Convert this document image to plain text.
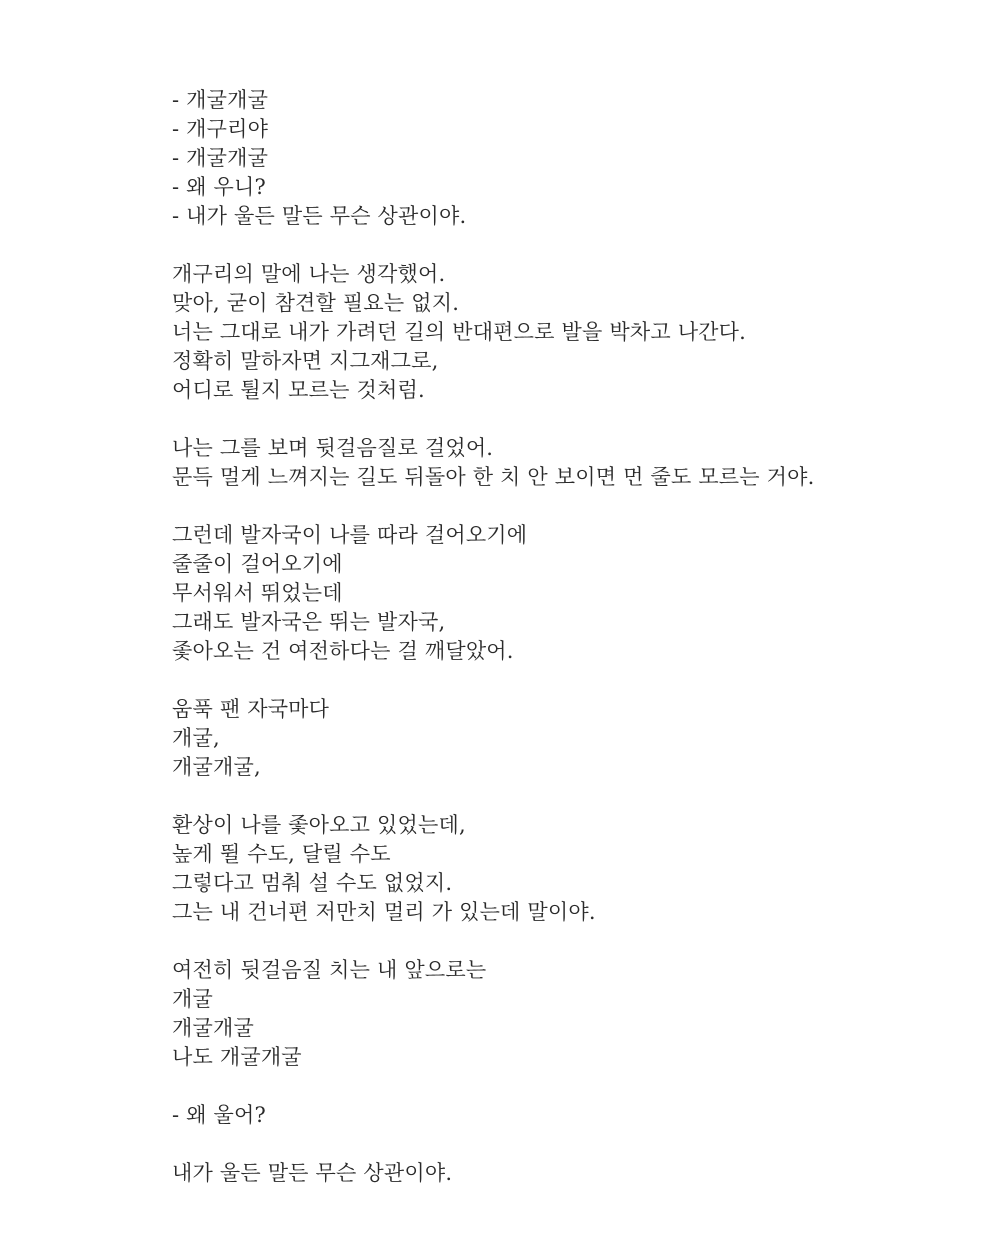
- 개굴개굴
- 개구리야
- 개굴개굴
- 왜 우니?
- 내가 울든 말든 무슨 상관이야.
개구리의 말에 나는 생각했어.
맞아, 굳이 참견할 필요는 없지.
너는 그대로 내가 가려던 길의 반대편으로 발을 박차고 나간다.
정확히 말하자면 지그재그로,
어디로 튈지 모르는 것처럼.
나는 그를 보며 뒷걸음질로 걸었어.
문득 멀게 느껴지는 길도 뒤돌아 한 치 안 보이면 먼 줄도 모르는 거야.
그런데 발자국이 나를 따라 걸어오기에
줄줄이 걸어오기에
무서워서 뛰었는데
그래도 발자국은 뛰는 발자국,
좇아오는 건 여전하다는 걸 깨달았어.
움푹 팬 자국마다
개굴,
개굴개굴,
환상이 나를 좇아오고 있었는데,
높게 뛸 수도, 달릴 수도
그렇다고 멈춰 설 수도 없었지.
그는 내 건너편 저만치 멀리 가 있는데 말이야.
여전히 뒷걸음질 치는 내 앞으로는
개굴
개굴개굴
나도 개굴개굴
- 왜 울어?
내가 울든 말든 무슨 상관이야.
